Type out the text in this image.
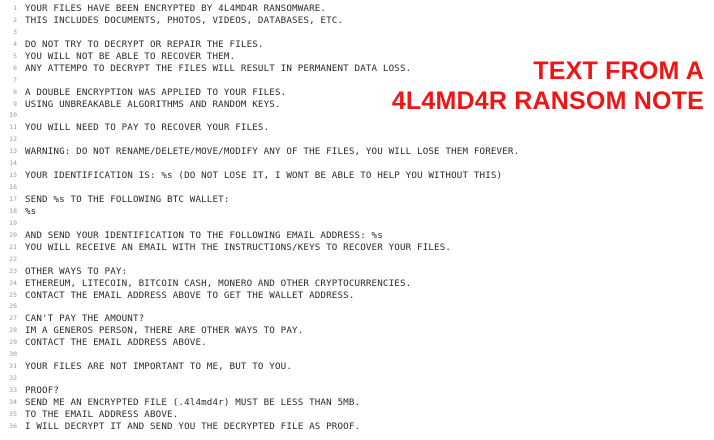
1
2
3
4
5
6
7
8
9
10
11
12
13
14
15
16
17
18
19
20
21
22
23
24
25
26
27
28
29
30
31
32
33
34
35
36
YOUR FILES HAVE BEEN ENCRYPTED BY 4L4MD4R RANSOMWARE.
THIS INCLUDES DOCUMENTS, PHOTOS, VIDEOS, DATABASES, ETC.

DO NOT TRY TO DECRYPT OR REPAIR THE FILES.
YOU WILL NOT BE ABLE TO RECOVER THEM.
ANY ATTEMPO TO DECRYPT THE FILES WILL RESULT IN PERMANENT DATA LOSS.

A DOUBLE ENCRYPTION WAS APPLIED TO YOUR FILES.
USING UNBREAKABLE ALGORITHMS AND RANDOM KEYS.

YOU WILL NEED TO PAY TO RECOVER YOUR FILES.

WARNING: DO NOT RENAME/DELETE/MOVE/MODIFY ANY OF THE FILES, YOU WILL LOSE THEM FOREVER.

YOUR IDENTIFICATION IS: %s (DO NOT LOSE IT, I WONT BE ABLE TO HELP YOU WITHOUT THIS)

SEND %s TO THE FOLLOWING BTC WALLET:
%s

AND SEND YOUR IDENTIFICATION TO THE FOLLOWING EMAIL ADDRESS: %s
YOU WILL RECEIVE AN EMAIL WITH THE INSTRUCTIONS/KEYS TO RECOVER YOUR FILES.

OTHER WAYS TO PAY:
ETHEREUM, LITECOIN, BITCOIN CASH, MONERO AND OTHER CRYPTOCURRENCIES.
CONTACT THE EMAIL ADDRESS ABOVE TO GET THE WALLET ADDRESS.

CAN'T PAY THE AMOUNT?
IM A GENEROS PERSON, THERE ARE OTHER WAYS TO PAY.
CONTACT THE EMAIL ADDRESS ABOVE.

YOUR FILES ARE NOT IMPORTANT TO ME, BUT TO YOU.

PROOF?
SEND ME AN ENCRYPTED FILE (.4l4md4r) MUST BE LESS THAN 5MB.
TO THE EMAIL ADDRESS ABOVE.
I WILL DECRYPT IT AND SEND YOU THE DECRYPTED FILE AS PROOF.
TEXT FROM A
4L4MD4R RANSOM NOTE
